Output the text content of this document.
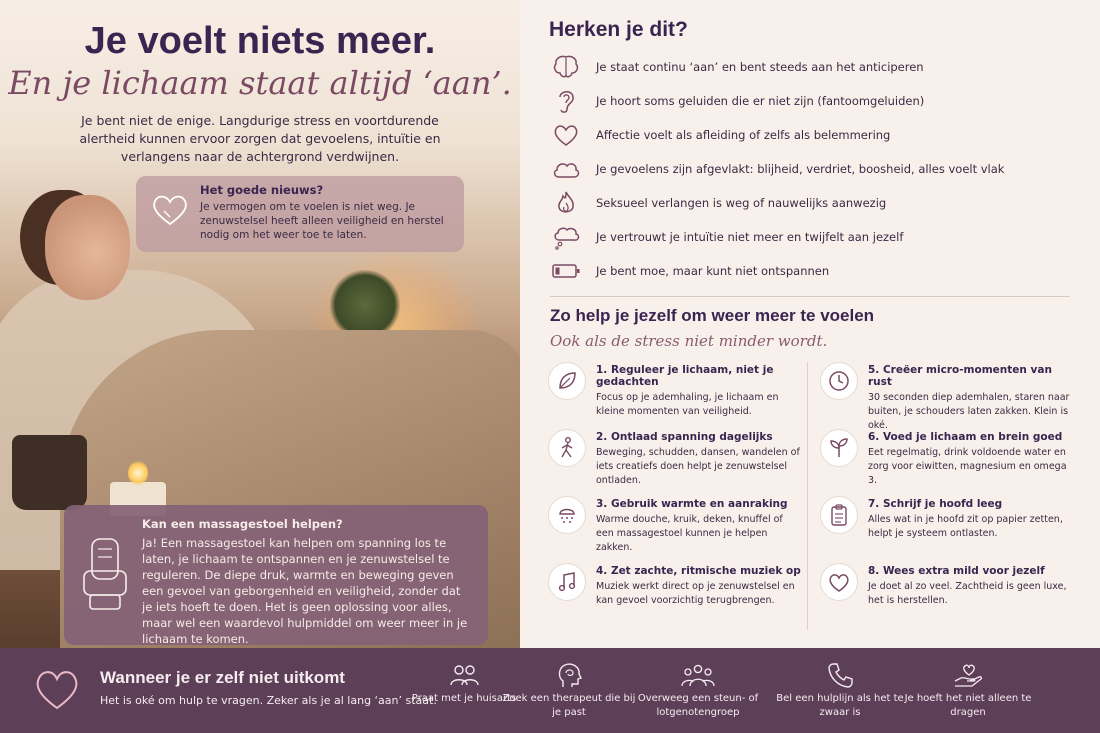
Je voelt niets meer.
En je lichaam staat altijd ‘aan’.
Je bent niet de enige. Langdurige stress en voortdurende alertheid kunnen ervoor zorgen dat gevoelens, intuïtie en verlangens naar de achtergrond verdwijnen.
Het goede nieuws?
Je vermogen om te voelen is niet weg. Je zenuwstelsel heeft alleen veiligheid en herstel nodig om het weer toe te laten.
Kan een massagestoel helpen?
Ja! Een massagestoel kan helpen om spanning los te laten, je lichaam te ontspannen en je zenuwstelsel te reguleren. De diepe druk, warmte en beweging geven een gevoel van geborgenheid en veiligheid, zonder dat je iets hoeft te doen. Het is geen oplossing voor alles, maar wel een waardevol hulpmiddel om weer meer in je lichaam te komen.
Herken je dit?
Je staat continu ‘aan’ en bent steeds aan het anticiperen
Je hoort soms geluiden die er niet zijn (fantoomgeluiden)
Affectie voelt als afleiding of zelfs als belemmering
Je gevoelens zijn afgevlakt: blijheid, verdriet, boosheid, alles voelt vlak
Seksueel verlangen is weg of nauwelijks aanwezig
Je vertrouwt je intuïtie niet meer en twijfelt aan jezelf
Je bent moe, maar kunt niet ontspannen
Zo help je jezelf om weer meer te voelen
Ook als de stress niet minder wordt.
1. Reguleer je lichaam, niet je gedachten
Focus op je ademhaling, je lichaam en kleine momenten van veiligheid.
2. Ontlaad spanning dagelijks
Beweging, schudden, dansen, wandelen of iets creatiefs doen helpt je zenuwstelsel ontladen.
3. Gebruik warmte en aanraking
Warme douche, kruik, deken, knuffel of een massagestoel kunnen je helpen zakken.
4. Zet zachte, ritmische muziek op
Muziek werkt direct op je zenuwstelsel en kan gevoel voorzichtig terugbrengen.
5. Creëer micro-momenten van rust
30 seconden diep ademhalen, staren naar buiten, je schouders laten zakken. Klein is oké.
6. Voed je lichaam en brein goed
Eet regelmatig, drink voldoende water en zorg voor eiwitten, magnesium en omega 3.
7. Schrijf je hoofd leeg
Alles wat in je hoofd zit op papier zetten, helpt je systeem ontlasten.
8. Wees extra mild voor jezelf
Je doet al zo veel. Zachtheid is geen luxe, het is herstellen.
Wanneer je er zelf niet uitkomt
Het is oké om hulp te vragen. Zeker als je al lang ‘aan’ staat.
Praat met je huisarts
Zoek een therapeut die bij je past
Overweeg een steun- of lotgenotengroep
Bel een hulplijn als het te zwaar is
Je hoeft het niet alleen te dragen
